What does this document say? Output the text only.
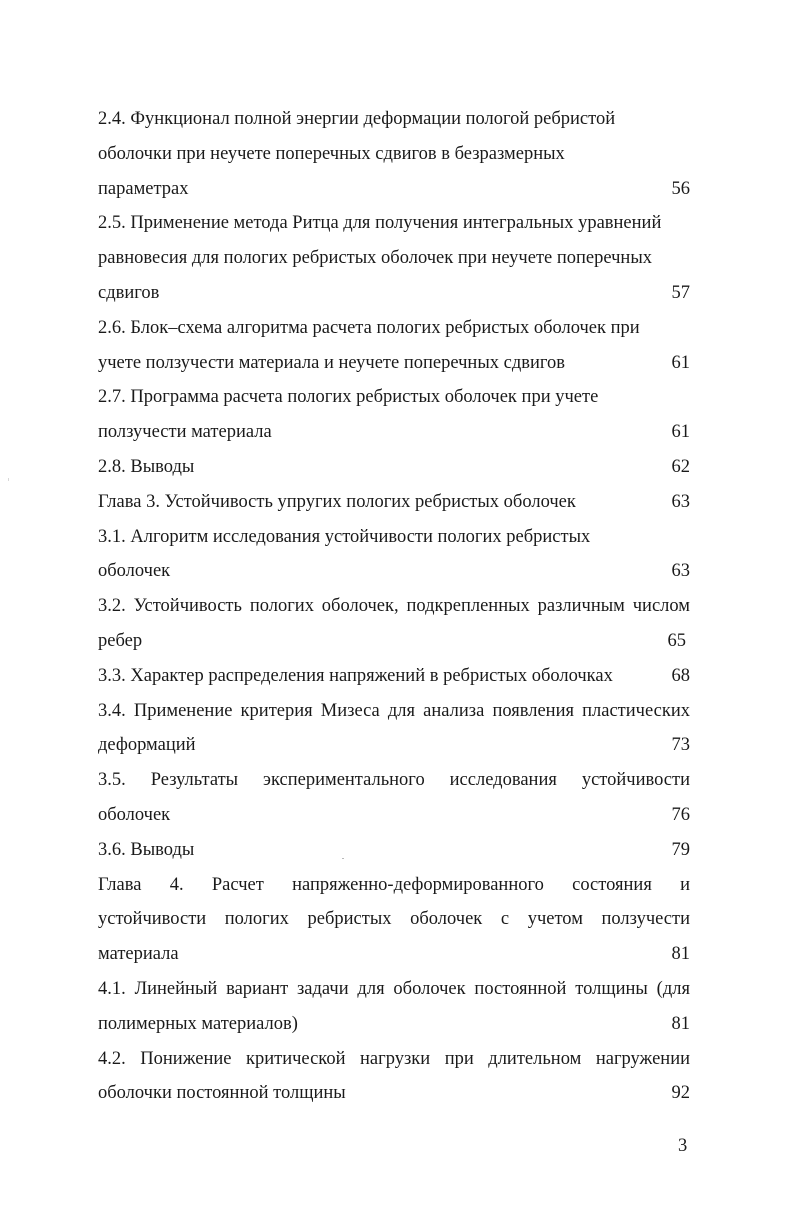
2.4. Функционал полной энергии деформации пологой ребристой
оболочки при неучете поперечных сдвигов в безразмерных
параметрах	56
2.5. Применение метода Ритца для получения интегральных уравнений
равновесия для пологих ребристых оболочек при неучете поперечных
сдвигов	57
2.6. Блок–схема алгоритма расчета пологих ребристых оболочек при
учете ползучести материала и неучете поперечных сдвигов	61
2.7. Программа расчета пологих ребристых оболочек при учете
ползучести материала	61
2.8. Выводы	62
Глава 3. Устойчивость упругих пологих ребристых оболочек	63
3.1. Алгоритм исследования устойчивости пологих ребристых
оболочек	63
3.2. Устойчивость пологих оболочек, подкрепленных различным числом
ребер	65
3.3. Характер распределения напряжений в ребристых оболочках	68
3.4. Применение критерия Мизеса для анализа появления пластических
деформаций	73
3.5. Результаты экспериментального исследования устойчивости
оболочек	76
3.6. Выводы	79
Глава 4. Расчет напряженно-деформированного состояния и
устойчивости пологих ребристых оболочек с учетом ползучести
материала	81
4.1. Линейный вариант задачи для оболочек постоянной толщины (для
полимерных материалов)	81
4.2. Понижение критической нагрузки при длительном нагружении
оболочки постоянной толщины	92
3
